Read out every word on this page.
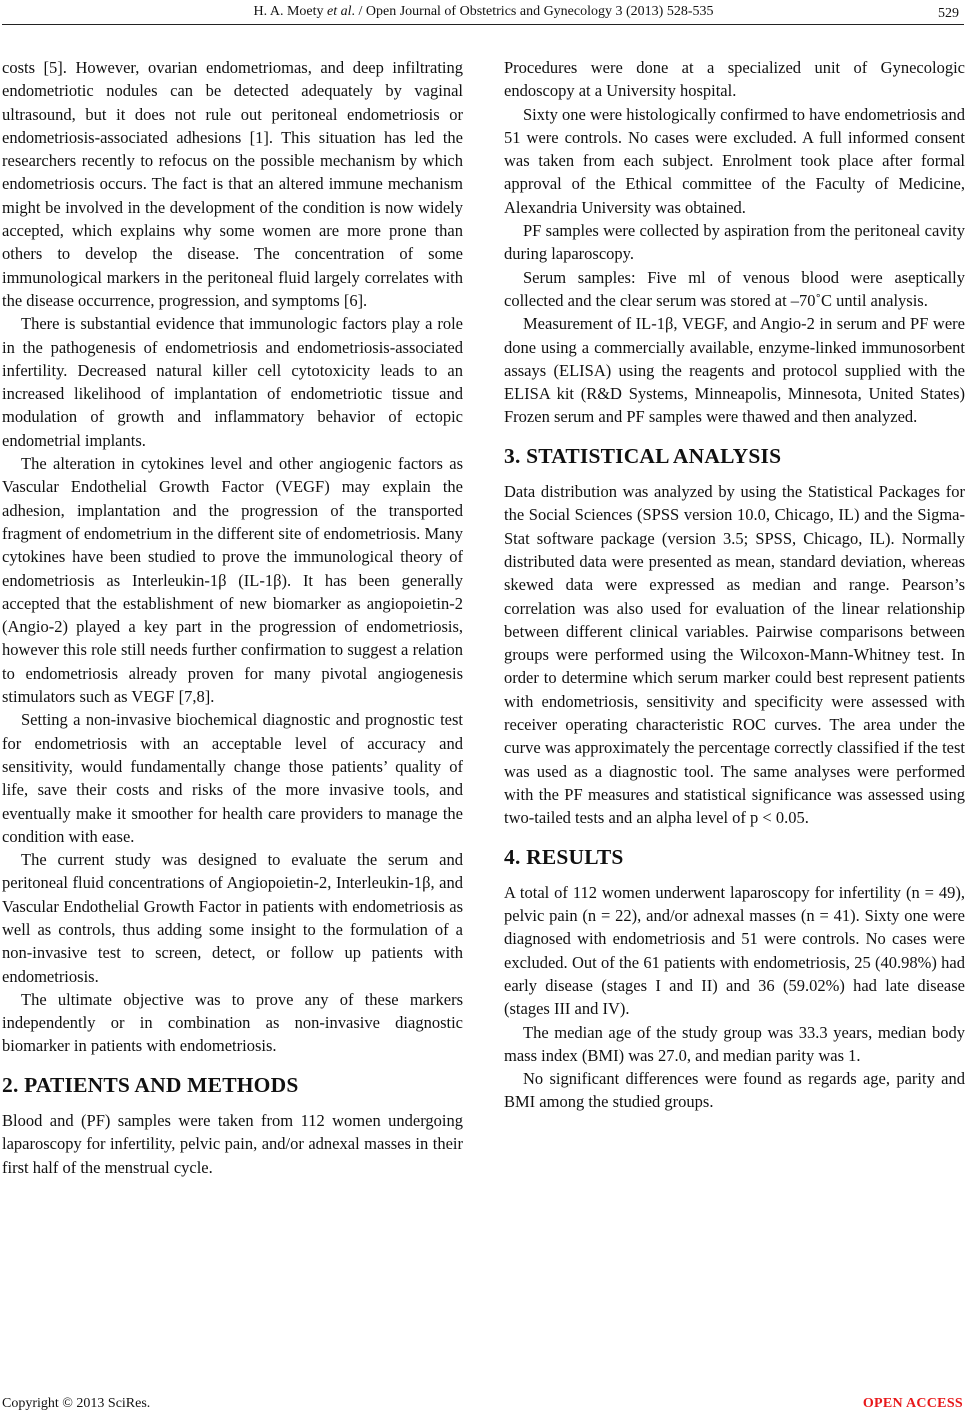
H. A. Moety et al. / Open Journal of Obstetrics and Gynecology 3 (2013) 528-535	529

costs [5]. However, ovarian endometriomas, and deep infiltrating endometriotic nodules can be detected adequately by vaginal ultrasound, but it does not rule out peritoneal endometriosis or endometriosis-associated adhesions [1]. This situation has led the researchers recently to refocus on the possible mechanism by which endometriosis occurs. The fact is that an altered immune mechanism might be involved in the development of the condition is now widely accepted, which explains why some women are more prone than others to develop the disease. The concentration of some immunological markers in the peritoneal fluid largely correlates with the disease occurrence, progression, and symptoms [6].

There is substantial evidence that immunologic factors play a role in the pathogenesis of endometriosis and endometriosis-associated infertility. Decreased natural killer cell cytotoxicity leads to an increased likelihood of implantation of endometriotic tissue and modulation of growth and inflammatory behavior of ectopic endometrial implants.

The alteration in cytokines level and other angiogenic factors as Vascular Endothelial Growth Factor (VEGF) may explain the adhesion, implantation and the progression of the transported fragment of endometrium in the different site of endometriosis. Many cytokines have been studied to prove the immunological theory of endometriosis as Interleukin-1β (IL-1β). It has been generally accepted that the establishment of new biomarker as angiopoietin-2 (Angio-2) played a key part in the progression of endometriosis, however this role still needs further confirmation to suggest a relation to endometriosis already proven for many pivotal angiogenesis stimulators such as VEGF [7,8].

Setting a non-invasive biochemical diagnostic and prognostic test for endometriosis with an acceptable level of accuracy and sensitivity, would fundamentally change those patients’ quality of life, save their costs and risks of the more invasive tools, and eventually make it smoother for health care providers to manage the condition with ease.

The current study was designed to evaluate the serum and peritoneal fluid concentrations of Angiopoietin-2, Interleukin-1β, and Vascular Endothelial Growth Factor in patients with endometriosis as well as controls, thus adding some insight to the formulation of a non-invasive test to screen, detect, or follow up patients with endometriosis.

The ultimate objective was to prove any of these markers independently or in combination as non-invasive diagnostic biomarker in patients with endometriosis.

2. PATIENTS AND METHODS

Blood and (PF) samples were taken from 112 women undergoing laparoscopy for infertility, pelvic pain, and/or adnexal masses in their first half of the menstrual cycle.

Procedures were done at a specialized unit of Gynecologic endoscopy at a University hospital.

Sixty one were histologically confirmed to have endometriosis and 51 were controls. No cases were excluded. A full informed consent was taken from each subject. Enrolment took place after formal approval of the Ethical committee of the Faculty of Medicine, Alexandria University was obtained.

PF samples were collected by aspiration from the peritoneal cavity during laparoscopy.

Serum samples: Five ml of venous blood were aseptically collected and the clear serum was stored at –70˚C until analysis.

Measurement of IL-1β, VEGF, and Angio-2 in serum and PF were done using a commercially available, enzyme-linked immunosorbent assays (ELISA) using the reagents and protocol supplied with the ELISA kit (R&D Systems, Minneapolis, Minnesota, United States) Frozen serum and PF samples were thawed and then analyzed.

3. STATISTICAL ANALYSIS

Data distribution was analyzed by using the Statistical Packages for the Social Sciences (SPSS version 10.0, Chicago, IL) and the Sigma-Stat software package (version 3.5; SPSS, Chicago, IL). Normally distributed data were presented as mean, standard deviation, whereas skewed data were expressed as median and range. Pearson’s correlation was also used for evaluation of the linear relationship between different clinical variables. Pairwise comparisons between groups were performed using the Wilcoxon-Mann-Whitney test. In order to determine which serum marker could best represent patients with endometriosis, sensitivity and specificity were assessed with receiver operating characteristic ROC curves. The area under the curve was approximately the percentage correctly classified if the test was used as a diagnostic tool. The same analyses were performed with the PF measures and statistical significance was assessed using two-tailed tests and an alpha level of p < 0.05.

4. RESULTS

A total of 112 women underwent laparoscopy for infertility (n = 49), pelvic pain (n = 22), and/or adnexal masses (n = 41). Sixty one were diagnosed with endometriosis and 51 were controls. No cases were excluded. Out of the 61 patients with endometriosis, 25 (40.98%) had early disease (stages I and II) and 36 (59.02%) had late disease (stages III and IV).

The median age of the study group was 33.3 years, median body mass index (BMI) was 27.0, and median parity was 1.

No significant differences were found as regards age, parity and BMI among the studied groups.

Copyright © 2013 SciRes.	OPEN ACCESS
